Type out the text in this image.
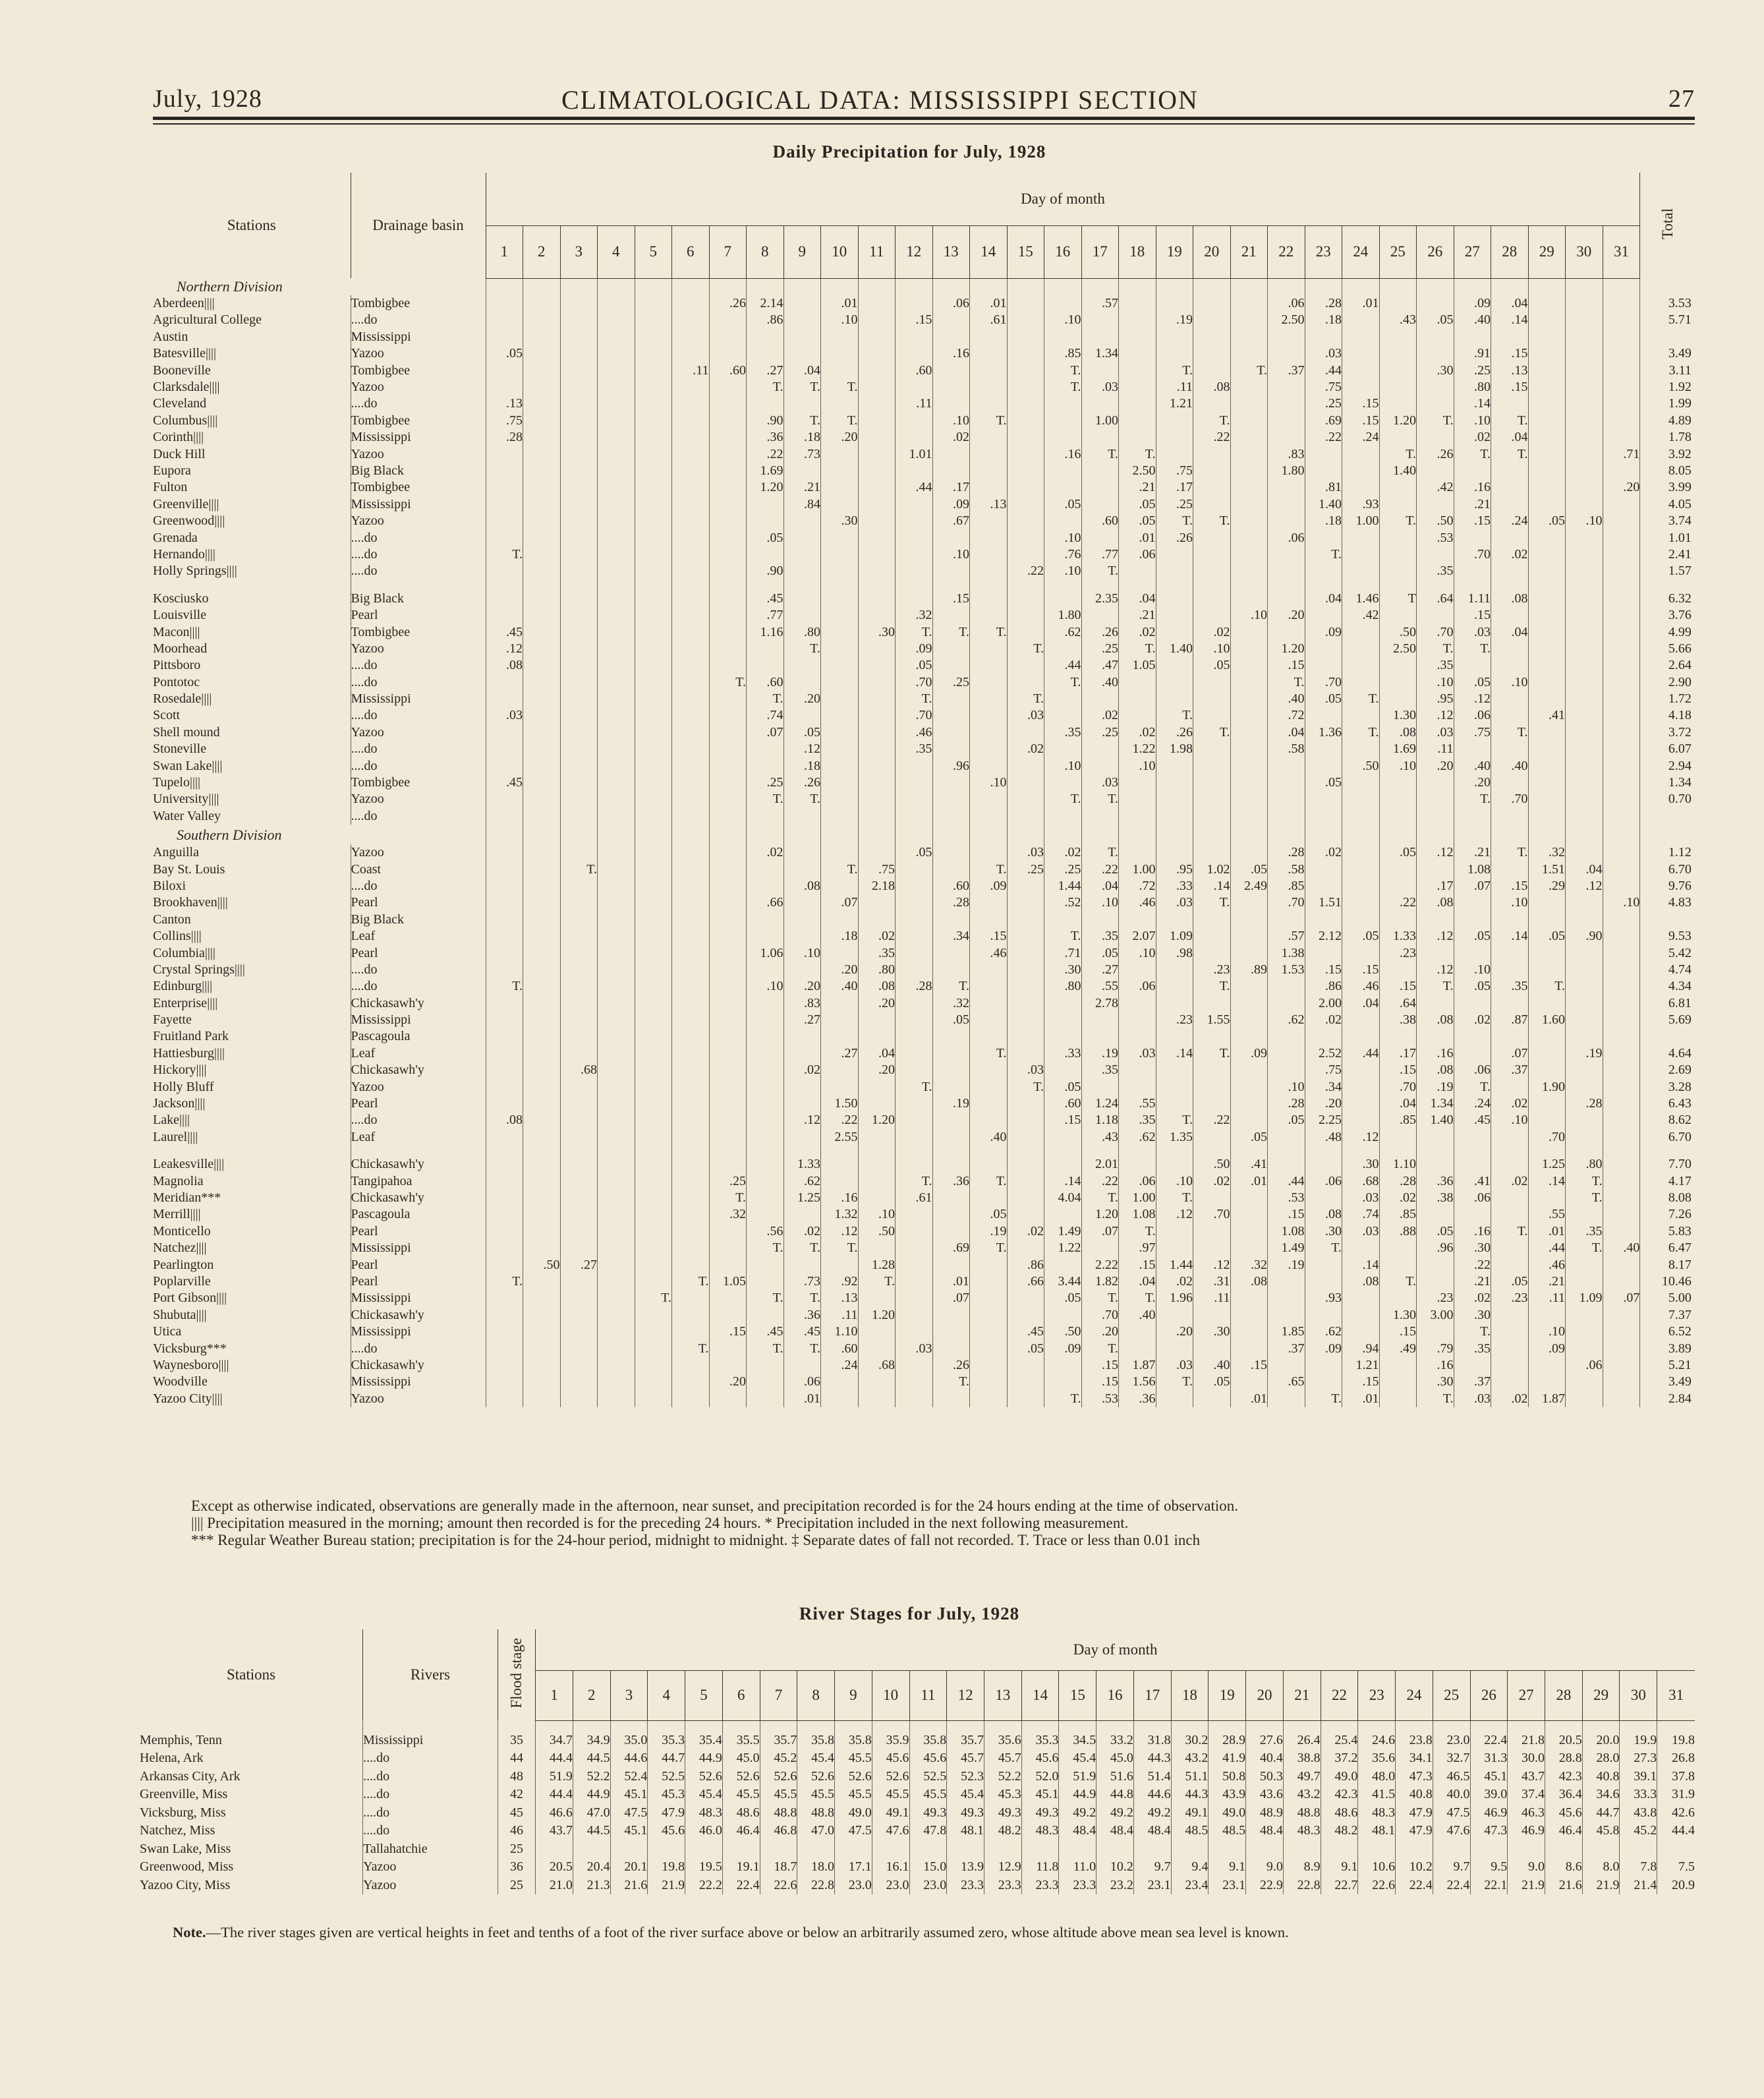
July, 1928	CLIMATOLOGICAL DATA: MISSISSIPPI SECTION	27
Daily Precipitation for July, 1928
Stations	Drainage basin	Day of month																															Total
		1	2	3	4	5	6	7	8	9	10	11	12	13	14	15	16	17	18	19	20	21	22	23	24	25	26	27	28	29	30	31	
Northern Division																																	
Aberdeen||||	Tombigbee							.26	2.14		.01			.06	.01			.57					.06	.28	.01			.09	.04				3.53
Agricultural College	....do								.86		.10		.15		.61		.10			.19			2.50	.18		.43	.05	.40	.14				5.71
Austin	Mississippi																																
Batesville||||	Yazoo	.05												.16			.85	1.34						.03				.91	.15				3.49
Booneville	Tombigbee						.11	.60	.27	.04			.60				T.			T.		T.	.37	.44			.30	.25	.13				3.11
Clarksdale||||	Yazoo								T.	T.	T.						T.	.03		.11	.08			.75				.80	.15				1.92
Cleveland	....do	.13											.11							1.21				.25	.15			.14					1.99
Columbus||||	Tombigbee	.75							.90	T.	T.			.10	T.			1.00			T.			.69	.15	1.20	T.	.10	T.				4.89
Corinth||||	Mississippi	.28							.36	.18	.20			.02							.22			.22	.24			.02	.04				1.78
Duck Hill	Yazoo								.22	.73			1.01				.16	T.	T.				.83			T.	.26	T.	T.			.71	3.92
Eupora	Big Black								1.69										2.50	.75			1.80			1.40							8.05
Fulton	Tombigbee								1.20	.21			.44	.17					.21	.17				.81			.42	.16				.20	3.99
Greenville||||	Mississippi									.84				.09	.13		.05		.05	.25				1.40	.93			.21					4.05
Greenwood||||	Yazoo										.30			.67				.60	.05	T.	T.			.18	1.00	T.	.50	.15	.24	.05	.10		3.74
Grenada	....do								.05								.10		.01	.26			.06				.53						1.01
Hernando||||	....do	T.												.10			.76	.77	.06					T.				.70	.02				2.41
Holly Springs||||	....do								.90							.22	.10	T.									.35						1.57

Kosciusko	Big Black								.45					.15				2.35	.04					.04	1.46	T	.64	1.11	.08				6.32
Louisville	Pearl								.77				.32				1.80		.21			.10	.20		.42			.15					3.76
Macon||||	Tombigbee	.45							1.16	.80		.30	T.	T.	T.		.62	.26	.02		.02			.09		.50	.70	.03	.04				4.99
Moorhead	Yazoo	.12								T.			.09			T.		.25	T.	1.40	.10		1.20			2.50	T.	T.					5.66
Pittsboro	....do	.08											.05				.44	.47	1.05		.05		.15				.35						2.64
Pontotoc	....do							T.	.60				.70	.25			T.	.40					T.	.70			.10	.05	.10				2.90
Rosedale||||	Mississippi								T.	.20			T.			T.							.40	.05	T.		.95	.12					1.72
Scott	....do	.03							.74				.70			.03		.02		T.			.72			1.30	.12	.06		.41			4.18
Shell mound	Yazoo								.07	.05			.46				.35	.25	.02	.26	T.		.04	1.36	T.	.08	.03	.75	T.				3.72
Stoneville	....do									.12			.35			.02			1.22	1.98			.58			1.69	.11						6.07
Swan Lake||||	....do									.18				.96			.10		.10						.50	.10	.20	.40	.40				2.94
Tupelo||||	Tombigbee	.45							.25	.26					.10			.03						.05				.20					1.34
University||||	Yazoo								T.	T.							T.	T.										T.	.70				0.70
Water Valley	....do																																
Southern Division																																	
Anguilla	Yazoo								.02				.05			.03	.02	T.					.28	.02		.05	.12	.21	T.	.32			1.12
Bay St. Louis	Coast			T.							T.	.75			T.	.25	.25	.22	1.00	.95	1.02	.05	.58					1.08		1.51	.04		6.70
Biloxi	....do									.08		2.18		.60	.09		1.44	.04	.72	.33	.14	2.49	.85				.17	.07	.15	.29	.12		9.76
Brookhaven||||	Pearl								.66		.07			.28			.52	.10	.46	.03	T.		.70	1.51		.22	.08		.10			.10	4.83
Canton	Big Black																																
Collins||||	Leaf										.18	.02		.34	.15		T.	.35	2.07	1.09			.57	2.12	.05	1.33	.12	.05	.14	.05	.90		9.53
Columbia||||	Pearl								1.06	.10		.35			.46		.71	.05	.10	.98			1.38			.23							5.42
Crystal Springs||||	....do										.20	.80					.30	.27			.23	.89	1.53	.15	.15		.12	.10					4.74
Edinburg||||	....do	T.							.10	.20	.40	.08	.28	T.			.80	.55	.06		T.			.86	.46	.15	T.	.05	.35	T.			4.34
Enterprise||||	Chickasawh'y									.83		.20		.32				2.78						2.00	.04	.64							6.81
Fayette	Mississippi									.27				.05						.23	1.55		.62	.02		.38	.08	.02	.87	1.60			5.69
Fruitland Park	Pascagoula																																
Hattiesburg||||	Leaf										.27	.04			T.		.33	.19	.03	.14	T.	.09		2.52	.44	.17	.16		.07		.19		4.64
Hickory||||	Chickasawh'y			.68						.02		.20				.03		.35						.75		.15	.08	.06	.37				2.69
Holly Bluff	Yazoo												T.			T.	.05						.10	.34		.70	.19	T.		1.90			3.28
Jackson||||	Pearl										1.50			.19			.60	1.24	.55				.28	.20		.04	1.34	.24	.02		.28		6.43
Lake||||	....do	.08								.12	.22	1.20					.15	1.18	.35	T.	.22		.05	2.25		.85	1.40	.45	.10				8.62
Laurel||||	Leaf										2.55				.40			.43	.62	1.35		.05		.48	.12					.70			6.70

Leakesville||||	Chickasawh'y									1.33								2.01			.50	.41			.30	1.10				1.25	.80		7.70
Magnolia	Tangipahoa							.25		.62			T.	.36	T.		.14	.22	.06	.10	.02	.01	.44	.06	.68	.28	.36	.41	.02	.14	T.		4.17
Meridian***	Chickasawh'y							T.		1.25	.16		.61				4.04	T.	1.00	T.			.53		.03	.02	.38	.06			T.		8.08
Merrill||||	Pascagoula							.32			1.32	.10			.05			1.20	1.08	.12	.70		.15	.08	.74	.85				.55			7.26
Monticello	Pearl								.56	.02	.12	.50			.19	.02	1.49	.07	T.				1.08	.30	.03	.88	.05	.16	T.	.01	.35		5.83
Natchez||||	Mississippi								T.	T.	T.			.69	T.		1.22		.97				1.49	T.			.96	.30		.44	T.	.40	6.47
Pearlington	Pearl		.50	.27								1.28				.86		2.22	.15	1.44	.12	.32	.19		.14			.22		.46			8.17
Poplarville	Pearl	T.					T.	1.05		.73	.92	T.		.01		.66	3.44	1.82	.04	.02	.31	.08			.08	T.		.21	.05	.21			10.46
Port Gibson||||	Mississippi					T.			T.	T.	.13			.07			.05	T.	T.	1.96	.11			.93			.23	.02	.23	.11	1.09	.07	5.00
Shubuta||||	Chickasawh'y									.36	.11	1.20						.70	.40							1.30	3.00	.30					7.37
Utica	Mississippi							.15	.45	.45	1.10					.45	.50	.20		.20	.30		1.85	.62		.15		T.		.10			6.52
Vicksburg***	....do						T.		T.	T.	.60		.03			.05	.09	T.					.37	.09	.94	.49	.79	.35		.09			3.89
Waynesboro||||	Chickasawh'y										.24	.68		.26				.15	1.87	.03	.40	.15			1.21		.16				.06		5.21
Woodville	Mississippi							.20		.06				T.				.15	1.56	T.	.05		.65		.15		.30	.37					3.49
Yazoo City||||	Yazoo									.01							T.	.53	.36			.01		T.	.01		T.	.03	.02	1.87			2.84
Except as otherwise indicated, observations are generally made in the afternoon, near sunset, and precipitation recorded is for the 24 hours ending at the time of observation.
|||| Precipitation measured in the morning; amount then recorded is for the preceding 24 hours. * Precipitation included in the next following measurement.
*** Regular Weather Bureau station; precipitation is for the 24-hour period, midnight to midnight. ‡ Separate dates of fall not recorded. T. Trace or less than 0.01 inch
River Stages for July, 1928
Stations	Rivers	Flood stage	Day of month																														
			1	2	3	4	5	6	7	8	9	10	11	12	13	14	15	16	17	18	19	20	21	22	23	24	25	26	27	28	29	30	31

Memphis, Tenn	Mississippi	35	34.7	34.9	35.0	35.3	35.4	35.5	35.7	35.8	35.8	35.9	35.8	35.7	35.6	35.3	34.5	33.2	31.8	30.2	28.9	27.6	26.4	25.4	24.6	23.8	23.0	22.4	21.8	20.5	20.0	19.9	19.8
Helena, Ark	....do	44	44.4	44.5	44.6	44.7	44.9	45.0	45.2	45.4	45.5	45.6	45.6	45.7	45.7	45.6	45.4	45.0	44.3	43.2	41.9	40.4	38.8	37.2	35.6	34.1	32.7	31.3	30.0	28.8	28.0	27.3	26.8
Arkansas City, Ark	....do	48	51.9	52.2	52.4	52.5	52.6	52.6	52.6	52.6	52.6	52.6	52.5	52.3	52.2	52.0	51.9	51.6	51.4	51.1	50.8	50.3	49.7	49.0	48.0	47.3	46.5	45.1	43.7	42.3	40.8	39.1	37.8
Greenville, Miss	....do	42	44.4	44.9	45.1	45.3	45.4	45.5	45.5	45.5	45.5	45.5	45.5	45.4	45.3	45.1	44.9	44.8	44.6	44.3	43.9	43.6	43.2	42.3	41.5	40.8	40.0	39.0	37.4	36.4	34.6	33.3	31.9
Vicksburg, Miss	....do	45	46.6	47.0	47.5	47.9	48.3	48.6	48.8	48.8	49.0	49.1	49.3	49.3	49.3	49.3	49.2	49.2	49.2	49.1	49.0	48.9	48.8	48.6	48.3	47.9	47.5	46.9	46.3	45.6	44.7	43.8	42.6
Natchez, Miss	....do	46	43.7	44.5	45.1	45.6	46.0	46.4	46.8	47.0	47.5	47.6	47.8	48.1	48.2	48.3	48.4	48.4	48.4	48.5	48.5	48.4	48.3	48.2	48.1	47.9	47.6	47.3	46.9	46.4	45.8	45.2	44.4
Swan Lake, Miss	Tallahatchie	25																															
Greenwood, Miss	Yazoo	36	20.5	20.4	20.1	19.8	19.5	19.1	18.7	18.0	17.1	16.1	15.0	13.9	12.9	11.8	11.0	10.2	9.7	9.4	9.1	9.0	8.9	9.1	10.6	10.2	9.7	9.5	9.0	8.6	8.0	7.8	7.5
Yazoo City, Miss	Yazoo	25	21.0	21.3	21.6	21.9	22.2	22.4	22.6	22.8	23.0	23.0	23.0	23.3	23.3	23.3	23.3	23.2	23.1	23.4	23.1	22.9	22.8	22.7	22.6	22.4	22.4	22.1	21.9	21.6	21.9	21.4	20.9
Note.—The river stages given are vertical heights in feet and tenths of a foot of the river surface above or below an arbitrarily assumed zero, whose altitude above mean sea level is known.
